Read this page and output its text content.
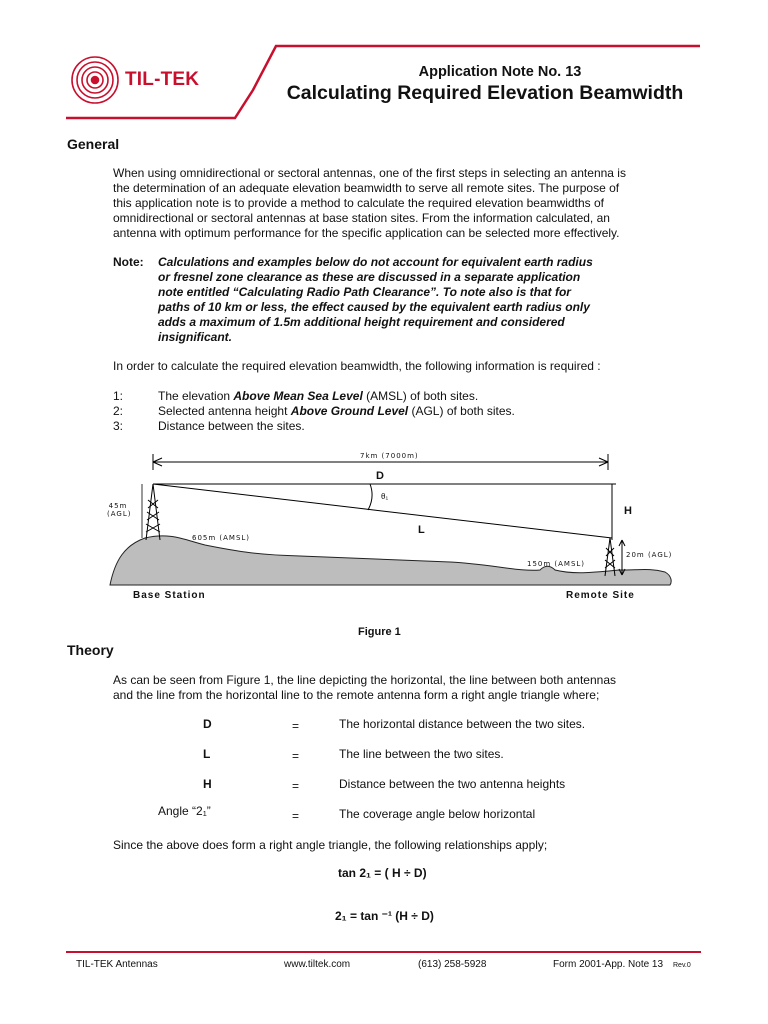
TIL-TEK	Application Note No. 13
Calculating Required Elevation Beamwidth
General
When using omnidirectional or sectoral antennas, one of the first steps in selecting an antenna is
the determination of an adequate elevation beamwidth to serve all remote sites. The purpose of
this application note is to provide a method to calculate the required elevation beamwidths of
omnidirectional or sectoral antennas at base station sites. From the information calculated, an
antenna with optimum performance for the specific application can be selected more effectively.
Note: Calculations and examples below do not account for equivalent earth radius
or fresnel zone clearance as these are discussed in a separate application
note entitled “Calculating Radio Path Clearance”. To note also is that for
paths of 10 km or less, the effect caused by the equivalent earth radius only
adds a maximum of 1.5m additional height requirement and considered
insignificant.
In order to calculate the required elevation beamwidth, the following information is required :
1:	The elevation Above Mean Sea Level (AMSL) of both sites.
2:	Selected antenna height Above Ground Level (AGL) of both sites.
3:	Distance between the sites.
7km (7000m)
D
θ₁
H
L
45m
(AGL)
605m (AMSL)
150m (AMSL)
20m (AGL)
Base Station	Remote Site
Figure 1
Theory
As can be seen from Figure 1, the line depicting the horizontal, the line between both antennas
and the line from the horizontal line to the remote antenna form a right angle triangle where;
D	=	The horizontal distance between the two sites.
L	=	The line between the two sites.
H	=	Distance between the two antenna heights
Angle “2₁”	=	The coverage angle below horizontal
Since the above does form a right angle triangle, the following relationships apply;
tan 2₁ = ( H ÷ D)
2₁ = tan ⁻¹ (H ÷ D)
TIL-TEK Antennas	www.tiltek.com	(613) 258-5928	Form 2001-App. Note 13 Rev.0
